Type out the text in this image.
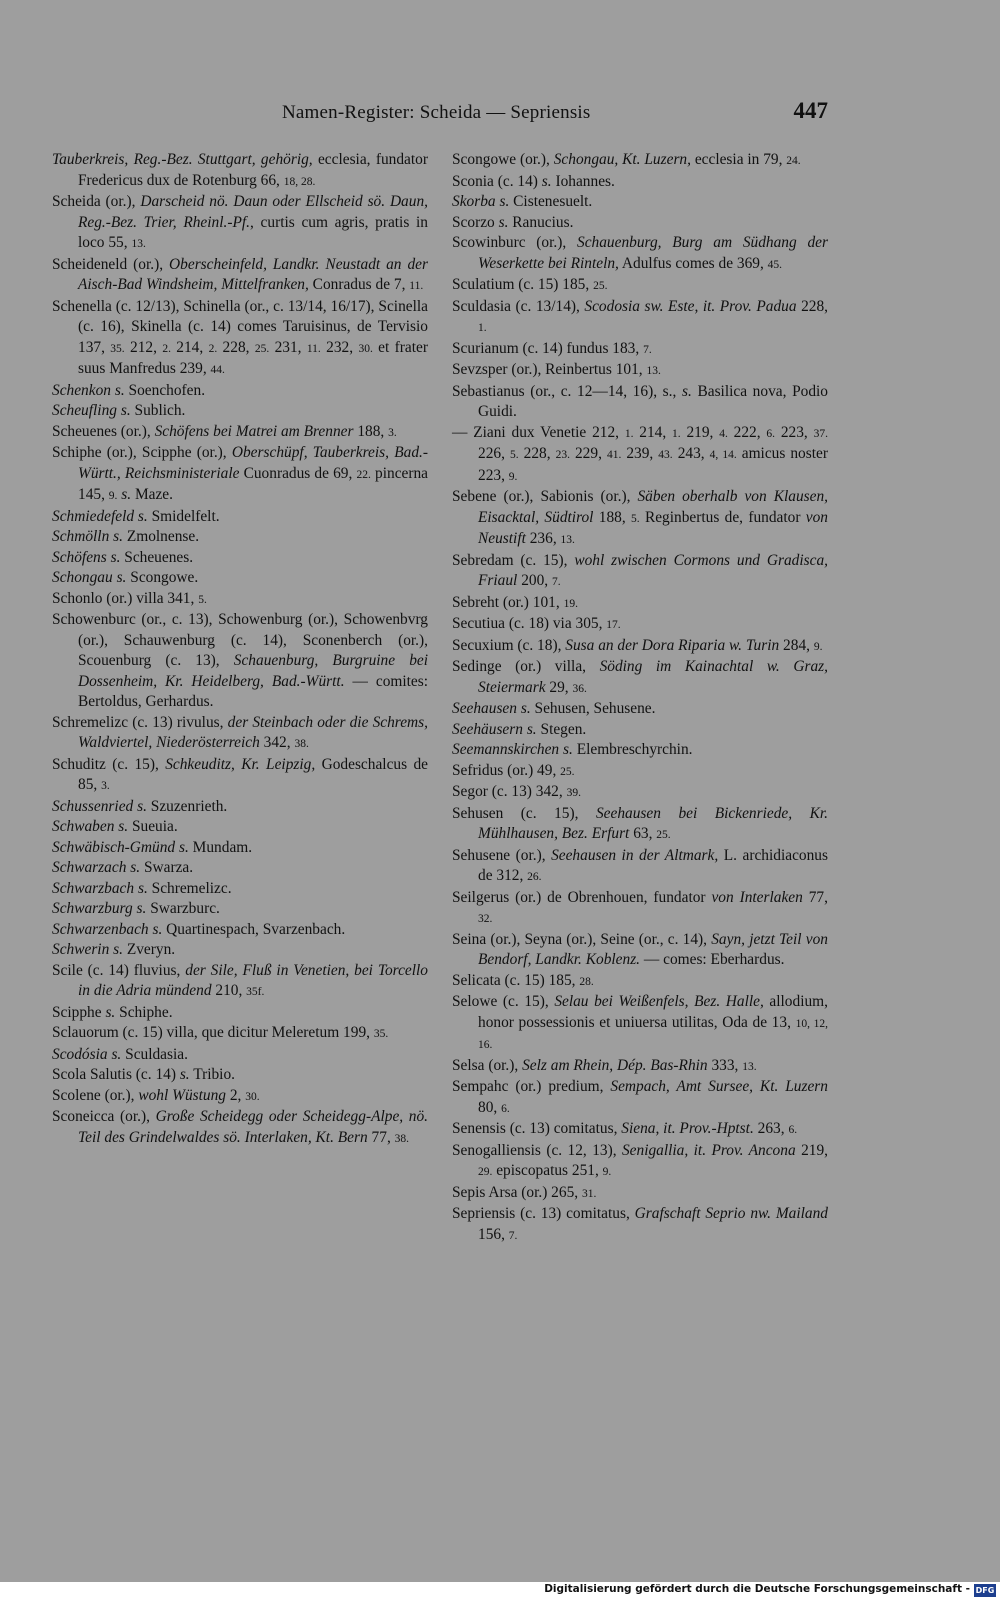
Namen-Register: Scheida — Sepriensis	447
Tauberkreis, Reg.-Bez. Stuttgart, gehörig, ecclesia, fundator Fredericus dux de Rotenburg 66, 18, 28.
Scheida (or.), Darscheid nö. Daun oder Ellscheid sö. Daun, Reg.-Bez. Trier, Rheinl.-Pf., curtis cum agris, pratis in loco 55, 13.
Scheideneld (or.), Oberscheinfeld, Landkr. Neustadt an der Aisch-Bad Windsheim, Mittelfranken, Conradus de 7, 11.
Schenella (c. 12/13), Schinella (or., c. 13/14, 16/17), Scinella (c. 16), Skinella (c. 14) comes Taruisinus, de Tervisio 137, 35. 212, 2. 214, 2. 228, 25. 231, 11. 232, 30. et frater suus Manfredus 239, 44.
Schenkon s. Soenchofen.
Scheufling s. Sublich.
Scheuenes (or.), Schöfens bei Matrei am Brenner 188, 3.
Schiphe (or.), Scipphe (or.), Oberschüpf, Tauberkreis, Bad.-Württ., Reichsministeriale Cuonradus de 69, 22. pincerna 145, 9. s. Maze.
Schmiedefeld s. Smidelfelt.
Schmölln s. Zmolnense.
Schöfens s. Scheuenes.
Schongau s. Scongowe.
Schonlo (or.) villa 341, 5.
Schowenburc (or., c. 13), Schowenburg (or.), Schowenbvrg (or.), Schauwenburg (c. 14), Sconenberch (or.), Scouenburg (c. 13), Schauenburg, Burgruine bei Dossenheim, Kr. Heidelberg, Bad.-Württ. — comites: Bertoldus, Gerhardus.
Schremelizc (c. 13) rivulus, der Steinbach oder die Schrems, Waldviertel, Niederösterreich 342, 38.
Schuditz (c. 15), Schkeuditz, Kr. Leipzig, Godeschalcus de 85, 3.
Schussenried s. Szuzenrieth.
Schwaben s. Sueuia.
Schwäbisch-Gmünd s. Mundam.
Schwarzach s. Swarza.
Schwarzbach s. Schremelizc.
Schwarzburg s. Swarzburc.
Schwarzenbach s. Quartinespach, Svarzenbach.
Schwerin s. Zveryn.
Scile (c. 14) fluvius, der Sile, Fluß in Venetien, bei Torcello in die Adria mündend 210, 35f.
Scipphe s. Schiphe.
Sclauorum (c. 15) villa, que dicitur Meleretum 199, 35.
Scodósia s. Sculdasia.
Scola Salutis (c. 14) s. Tribio.
Scolene (or.), wohl Wüstung 2, 30.
Sconeicca (or.), Große Scheidegg oder Scheidegg-Alpe, nö. Teil des Grindelwaldes sö. Interlaken, Kt. Bern 77, 38.
Scongowe (or.), Schongau, Kt. Luzern, ecclesia in 79, 24.
Sconia (c. 14) s. Iohannes.
Skorba s. Cistenesuelt.
Scorzo s. Ranucius.
Scowinburc (or.), Schauenburg, Burg am Südhang der Weserkette bei Rinteln, Adulfus comes de 369, 45.
Sculatium (c. 15) 185, 25.
Sculdasia (c. 13/14), Scodosia sw. Este, it. Prov. Padua 228, 1.
Scurianum (c. 14) fundus 183, 7.
Sevzsper (or.), Reinbertus 101, 13.
Sebastianus (or., c. 12—14, 16), s., s. Basilica nova, Podio Guidi.
— Ziani dux Venetie 212, 1. 214, 1. 219, 4. 222, 6. 223, 37. 226, 5. 228, 23. 229, 41. 239, 43. 243, 4, 14. amicus noster 223, 9.
Sebene (or.), Sabionis (or.), Säben oberhalb von Klausen, Eisacktal, Südtirol 188, 5. Reginbertus de, fundator von Neustift 236, 13.
Sebredam (c. 15), wohl zwischen Cormons und Gradisca, Friaul 200, 7.
Sebreht (or.) 101, 19.
Secutiua (c. 18) via 305, 17.
Secuxium (c. 18), Susa an der Dora Riparia w. Turin 284, 9.
Sedinge (or.) villa, Söding im Kainachtal w. Graz, Steiermark 29, 36.
Seehausen s. Sehusen, Sehusene.
Seehäusern s. Stegen.
Seemannskirchen s. Elembreschyrchin.
Sefridus (or.) 49, 25.
Segor (c. 13) 342, 39.
Sehusen (c. 15), Seehausen bei Bickenriede, Kr. Mühlhausen, Bez. Erfurt 63, 25.
Sehusene (or.), Seehausen in der Altmark, L. archidiaconus de 312, 26.
Seilgerus (or.) de Obrenhouen, fundator von Interlaken 77, 32.
Seina (or.), Seyna (or.), Seine (or., c. 14), Sayn, jetzt Teil von Bendorf, Landkr. Koblenz. — comes: Eberhardus.
Selicata (c. 15) 185, 28.
Selowe (c. 15), Selau bei Weißenfels, Bez. Halle, allodium, honor possessionis et uniuersa utilitas, Oda de 13, 10, 12, 16.
Selsa (or.), Selz am Rhein, Dép. Bas-Rhin 333, 13.
Sempahc (or.) predium, Sempach, Amt Sursee, Kt. Luzern 80, 6.
Senensis (c. 13) comitatus, Siena, it. Prov.-Hptst. 263, 6.
Senogalliensis (c. 12, 13), Senigallia, it. Prov. Ancona 219, 29. episcopatus 251, 9.
Sepis Arsa (or.) 265, 31.
Sepriensis (c. 13) comitatus, Grafschaft Seprio nw. Mailand 156, 7.
Digitalisierung gefördert durch die Deutsche Forschungsgemeinschaft - DFG
